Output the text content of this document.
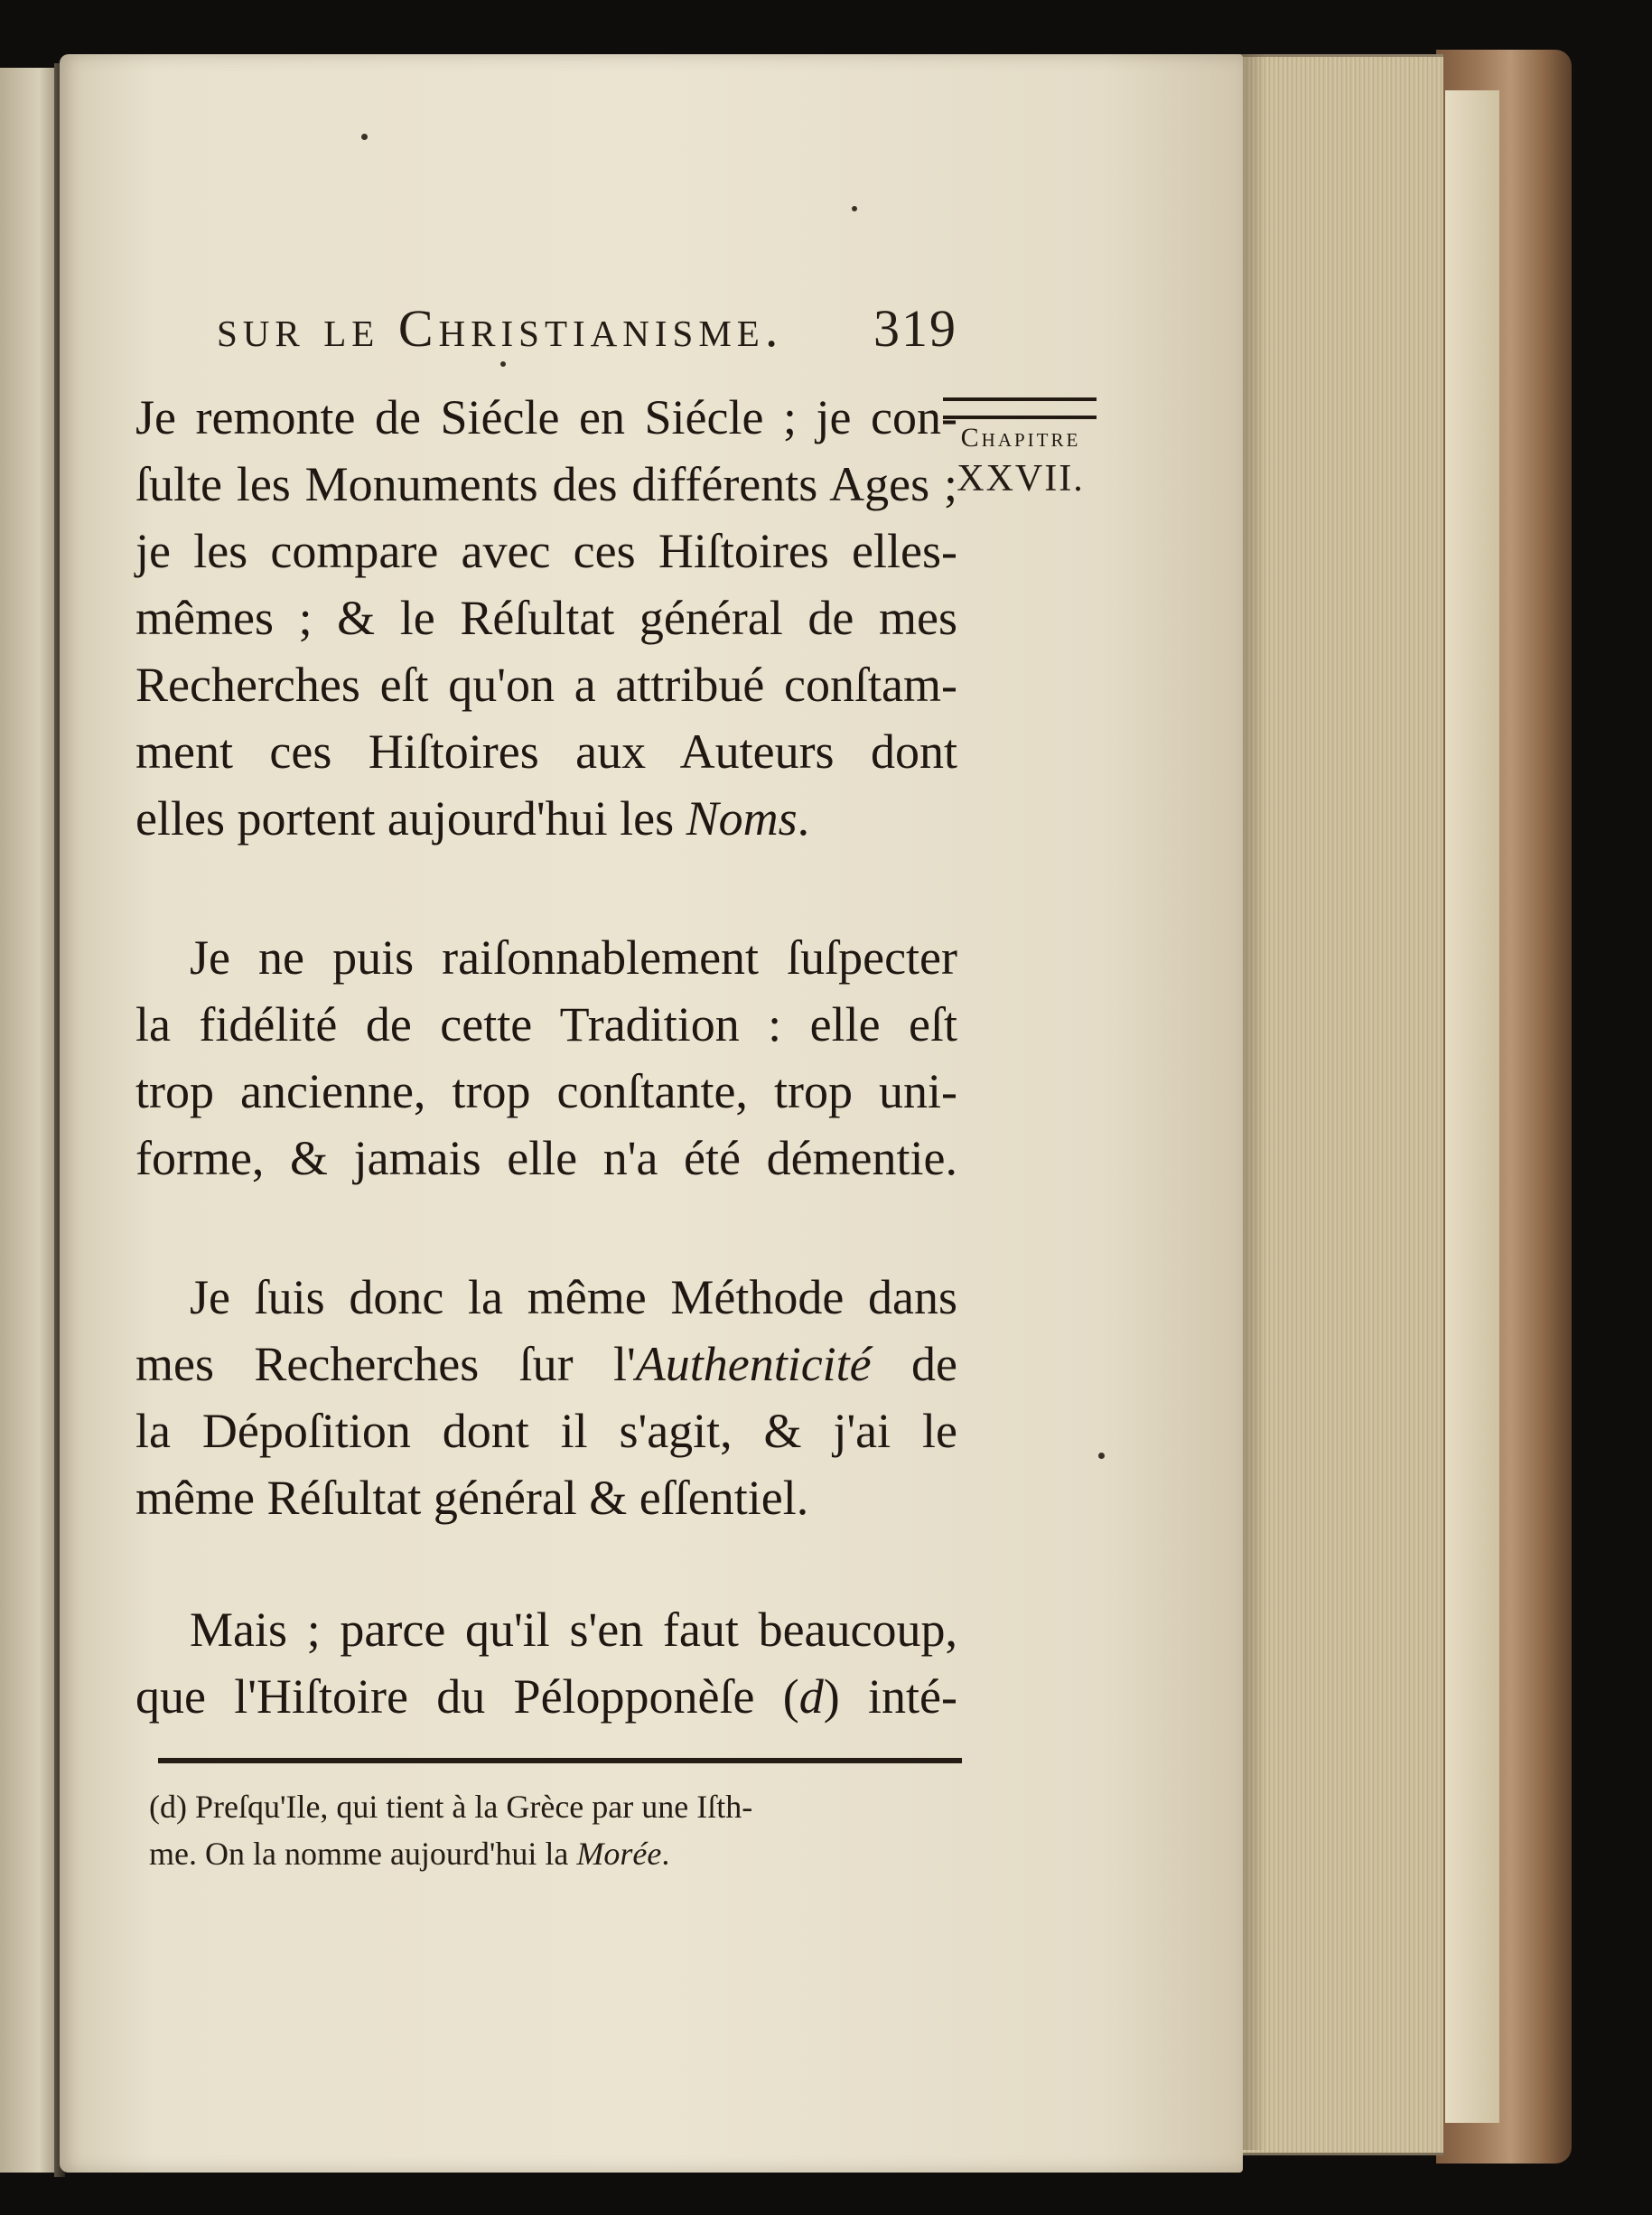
sur le Christianisme. 319
Chapitre
XXVII.
Je remonte de Siécle en Siécle ; je con-
ſulte les Monuments des différents Ages ;
je les compare avec ces Hiſtoires elles-
mêmes ; & le Réſultat général de mes
Recherches eſt qu'on a attribué conſtam-
ment ces Hiſtoires aux Auteurs dont
elles portent aujourd'hui les Noms.
Je ne puis raiſonnablement ſuſpecter
la fidélité de cette Tradition : elle eſt
trop ancienne, trop conſtante, trop uni-
forme, & jamais elle n'a été démentie.
Je ſuis donc la même Méthode dans
mes Recherches ſur l'Authenticité de
la Dépoſition dont il s'agit, & j'ai le
même Réſultat général & eſſentiel.
Mais ; parce qu'il s'en faut beaucoup,
que l'Hiſtoire du Pélopponèſe (d) inté-
(d) Preſqu'Ile, qui tient à la Grèce par une Iſth-
me. On la nomme aujourd'hui la Morée.
